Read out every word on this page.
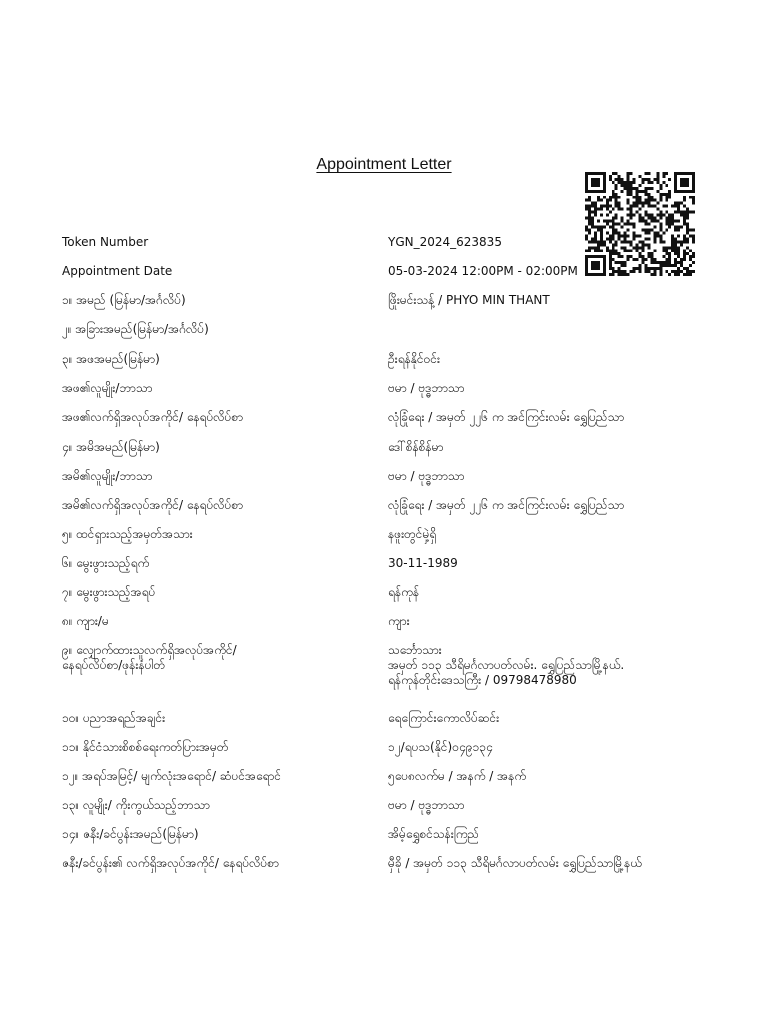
Appointment Letter
Token Number	YGN_2024_623835
Appointment Date	05-03-2024 12:00PM - 02:00PM
၁။ အမည် (မြန်မာ/အင်္ဂလိပ်)	ဖြိုးမင်းသန့် / PHYO MIN THANT
၂။ အခြားအမည်(မြန်မာ/အင်္ဂလိပ်)
၃။ အဖအမည်(မြန်မာ)	ဦးရန်နိုင်ဝင်း
အဖ၏လူမျိုး/ဘာသာ	ဗမာ / ဗုဒ္ဓဘာသာ
အဖ၏လက်ရှိအလုပ်အကိုင်/ နေရပ်လိပ်စာ	လုံခြုံရေး / အမှတ် ၂၂၆ က အင်ကြင်းလမ်း ရွှေပြည်သာ
၄။ အမိအမည်(မြန်မာ)	ဒေါ်စိန်စိန်မာ
အမိ၏လူမျိုး/ဘာသာ	ဗမာ / ဗုဒ္ဓဘာသာ
အမိ၏လက်ရှိအလုပ်အကိုင်/ နေရပ်လိပ်စာ	လုံခြုံရေး / အမှတ် ၂၂၆ က အင်ကြင်းလမ်း ရွှေပြည်သာ
၅။ ထင်ရှားသည့်အမှတ်အသား	နဖူးတွင်မှဲ့ရှိ
၆။ မွေးဖွားသည့်ရက်	30-11-1989
၇။ မွေးဖွားသည့်အရပ်	ရန်ကုန်
၈။ ကျား/မ	ကျား
၉။ လျှောက်ထားသူလက်ရှိအလုပ်အကိုင်/
နေရပ်လိပ်စာ/ဖုန်းနံပါတ်
သင်္ဘောသား
အမှတ် ၁၁၃ သီရိမင်္ဂလာပတ်လမ်း. ရွှေပြည်သာမြို့နယ်.
ရန်ကုန်တိုင်းဒေသကြီး / 09798478980
၁၀။ ပညာအရည်အချင်း	ရေကြောင်းကောလိပ်ဆင်း
၁၁။ နိုင်ငံသားစိစစ်ရေးကတ်ပြားအမှတ်	၁၂/ရပသ(နိုင်)၀၄၉၁၃၄
၁၂။ အရပ်အမြင့်/ မျက်လုံးအရောင်/ ဆံပင်အရောင်	၅ပေ၈လက်မ / အနက် / အနက်
၁၃။ လူမျိုး/ ကိုးကွယ်သည့်ဘာသာ	ဗမာ / ဗုဒ္ဓဘာသာ
၁၄။ ဇနီး/ခင်ပွန်းအမည်(မြန်မာ)	အိမ့်ရွှေစင်သန်းကြည်
ဇနီး/ခင်ပွန်း၏ လက်ရှိအလုပ်အကိုင်/ နေရပ်လိပ်စာ	မှီခို / အမှတ် ၁၁၃ သီရိမင်္ဂလာပတ်လမ်း ရွှေပြည်သာမြို့နယ်
